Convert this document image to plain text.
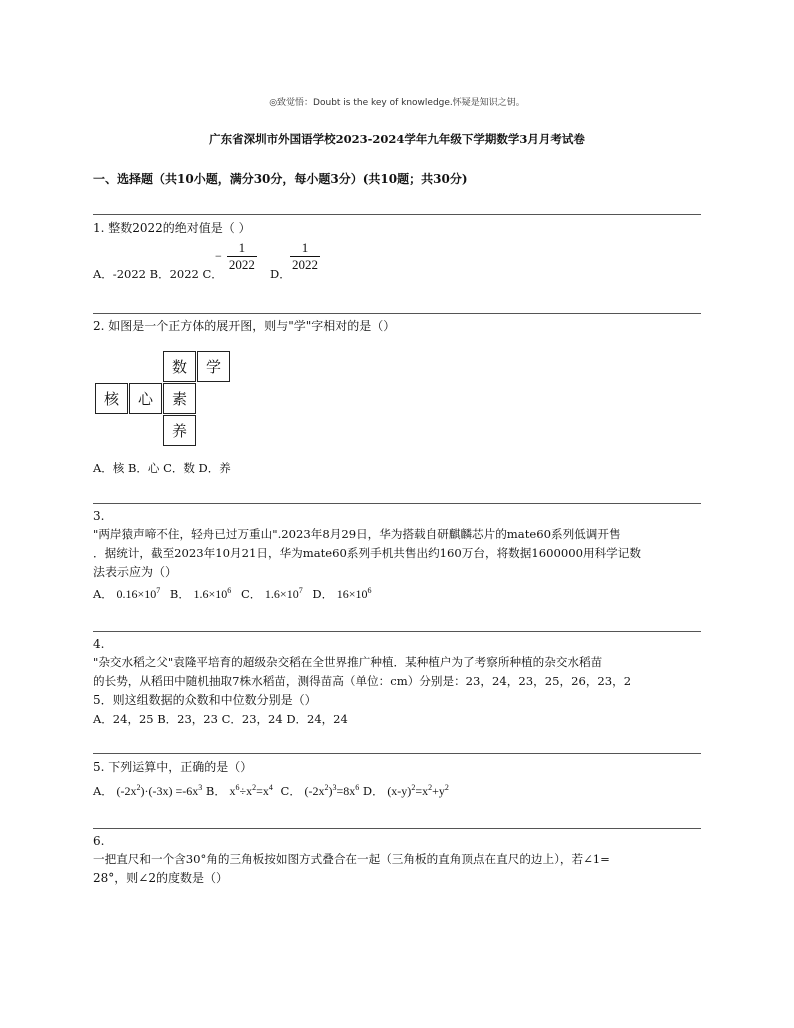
◎致觉悟：Doubt is the key of knowledge.怀疑是知识之钥。
广东省深圳市外国语学校2023-2024学年九年级下学期数学3月月考试卷
一、选择题（共10小题，满分30分，每小题3分）(共10题；共30分)
1. 整数2022的绝对值是（ ）
A．-2022 B．2022 C．
− $\frac{1}{2022}$
D．
$\frac{1}{2022}$
2. 如图是一个正方体的展开图，则与"学"字相对的是（）
数	学
核	心	素
养
A．核 B．心 C．数 D．养
3.
"两岸猿声啼不住，轻舟已过万重山".2023年8月29日，华为搭载自研麒麟芯片的mate60系列低调开售
．据统计，截至2023年10月21日，华为mate60系列手机共售出约160万台，将数据1600000用科学记数
法表示应为（）
A． $0.16\times 10^7$ B． $1.6\times 10^6$ C． $1.6\times 10^7$ D． $16\times 10^6$
4.
"杂交水稻之父"袁隆平培育的超级杂交稻在全世界推广种植．某种植户为了考察所种植的杂交水稻苗
的长势，从稻田中随机抽取7株水稻苗，测得苗高（单位：cm）分别是：23，24，23，25，26，23，2
5．则这组数据的众数和中位数分别是（）
A．24，25 B．23，23 C．23，24 D．24，24
5. 下列运算中，正确的是（）
A． $(-2x^2)\cdot(-3x) =-6x^3$ B． $x^6\div x^2=x^4$ C． $(-2x^2)^3=8x^6$ D． $(x-y)^2=x^2+y^2$
6.
一把直尺和一个含30°角的三角板按如图方式叠合在一起（三角板的直角顶点在直尺的边上），若∠1=
28°，则∠2的度数是（）
